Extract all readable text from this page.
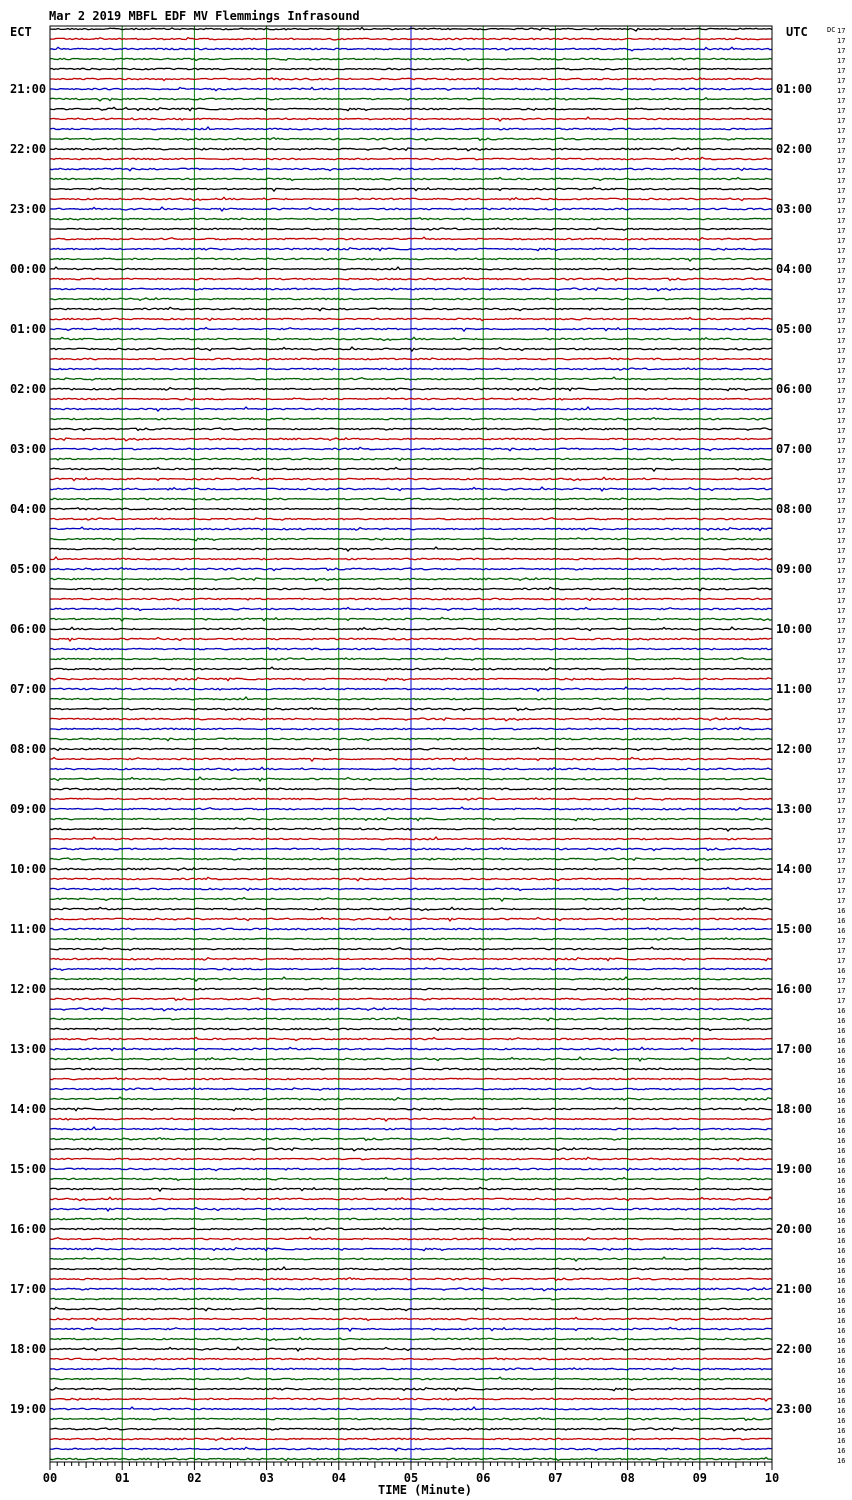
Mar 2 2019 MBFL EDF MV Flemmings Infrasound
ECT	UTC	DC
21:00
22:00
23:00
00:00
01:00
02:00
03:00
04:00
05:00
06:00
07:00
08:00
09:00
10:00
11:00
12:00
13:00
14:00
15:00
16:00
17:00
18:00
19:00
01:00
02:00
03:00
04:00
05:00
06:00
07:00
08:00
09:00
10:00
11:00
12:00
13:00
14:00
15:00
16:00
17:00
18:00
19:00
20:00
21:00
22:00
23:00
17
17
17
17
17
17
17
17
17
17
17
17
17
17
17
17
17
17
17
17
17
17
17
17
17
17
17
17
17
17
17
17
17
17
17
17
17
17
17
17
17
17
17
17
17
17
17
17
17
17
17
17
17
17
17
17
17
17
17
17
17
17
17
17
17
17
17
17
17
17
17
17
17
17
17
17
17
17
17
17
17
17
17
17
17
17
17
17
16
16
16
17
17
17
16
17
17
17
16
16
16
16
16
16
16
16
16
16
16
16
16
16
16
16
16
16
16
16
16
16
16
16
16
16
16
16
16
16
16
16
16
16
16
16
16
16
16
16
16
16
16
16
16
16
00	01	02	03	04	05	06	07	08	09	10
TIME (Minute)
